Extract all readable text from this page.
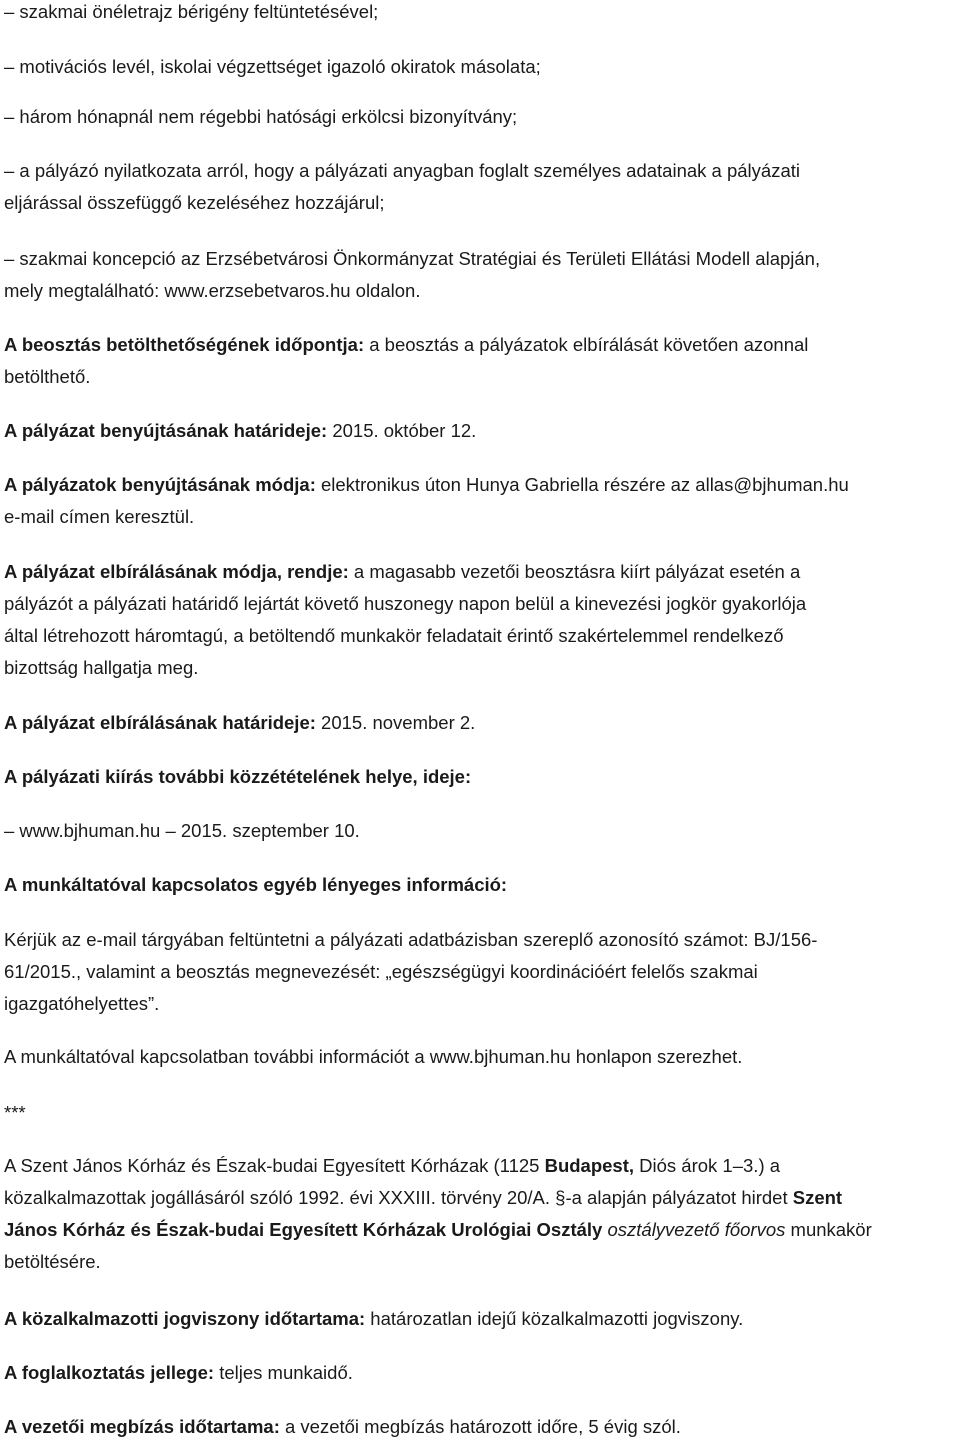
– szakmai önéletrajz bérigény feltüntetésével;
– motivációs levél, iskolai végzettséget igazoló okiratok másolata;
– három hónapnál nem régebbi hatósági erkölcsi bizonyítvány;
– a pályázó nyilatkozata arról, hogy a pályázati anyagban foglalt személyes adatainak a pályázati
eljárással összefüggő kezeléséhez hozzájárul;
– szakmai koncepció az Erzsébetvárosi Önkormányzat Stratégiai és Területi Ellátási Modell alapján,
mely megtalálható: www.erzsebetvaros.hu oldalon.
A beosztás betölthetőségének időpontja: a beosztás a pályázatok elbírálását követően azonnal
betölthető.
A pályázat benyújtásának határideje: 2015. október 12.
A pályázatok benyújtásának módja: elektronikus úton Hunya Gabriella részére az allas@bjhuman.hu
e-mail címen keresztül.
A pályázat elbírálásának módja, rendje: a magasabb vezetői beosztásra kiírt pályázat esetén a
pályázót a pályázati határidő lejártát követő huszonegy napon belül a kinevezési jogkör gyakorlója
által létrehozott háromtagú, a betöltendő munkakör feladatait érintő szakértelemmel rendelkező
bizottság hallgatja meg.
A pályázat elbírálásának határideje: 2015. november 2.
A pályázati kiírás további közzétételének helye, ideje:
– www.bjhuman.hu – 2015. szeptember 10.
A munkáltatóval kapcsolatos egyéb lényeges információ:
Kérjük az e-mail tárgyában feltüntetni a pályázati adatbázisban szereplő azonosító számot: BJ/156-
61/2015., valamint a beosztás megnevezését: „egészségügyi koordinációért felelős szakmai
igazgatóhelyettes”.
A munkáltatóval kapcsolatban további információt a www.bjhuman.hu honlapon szerezhet.
***
A Szent János Kórház és Észak-budai Egyesített Kórházak (1125 Budapest, Diós árok 1–3.) a
közalkalmazottak jogállásáról szóló 1992. évi XXXIII. törvény 20/A. §-a alapján pályázatot hirdet Szent
János Kórház és Észak-budai Egyesített Kórházak Urológiai Osztály osztályvezető főorvos munkakör
betöltésére.
A közalkalmazotti jogviszony időtartama: határozatlan idejű közalkalmazotti jogviszony.
A foglalkoztatás jellege: teljes munkaidő.
A vezetői megbízás időtartama: a vezetői megbízás határozott időre, 5 évig szól.
